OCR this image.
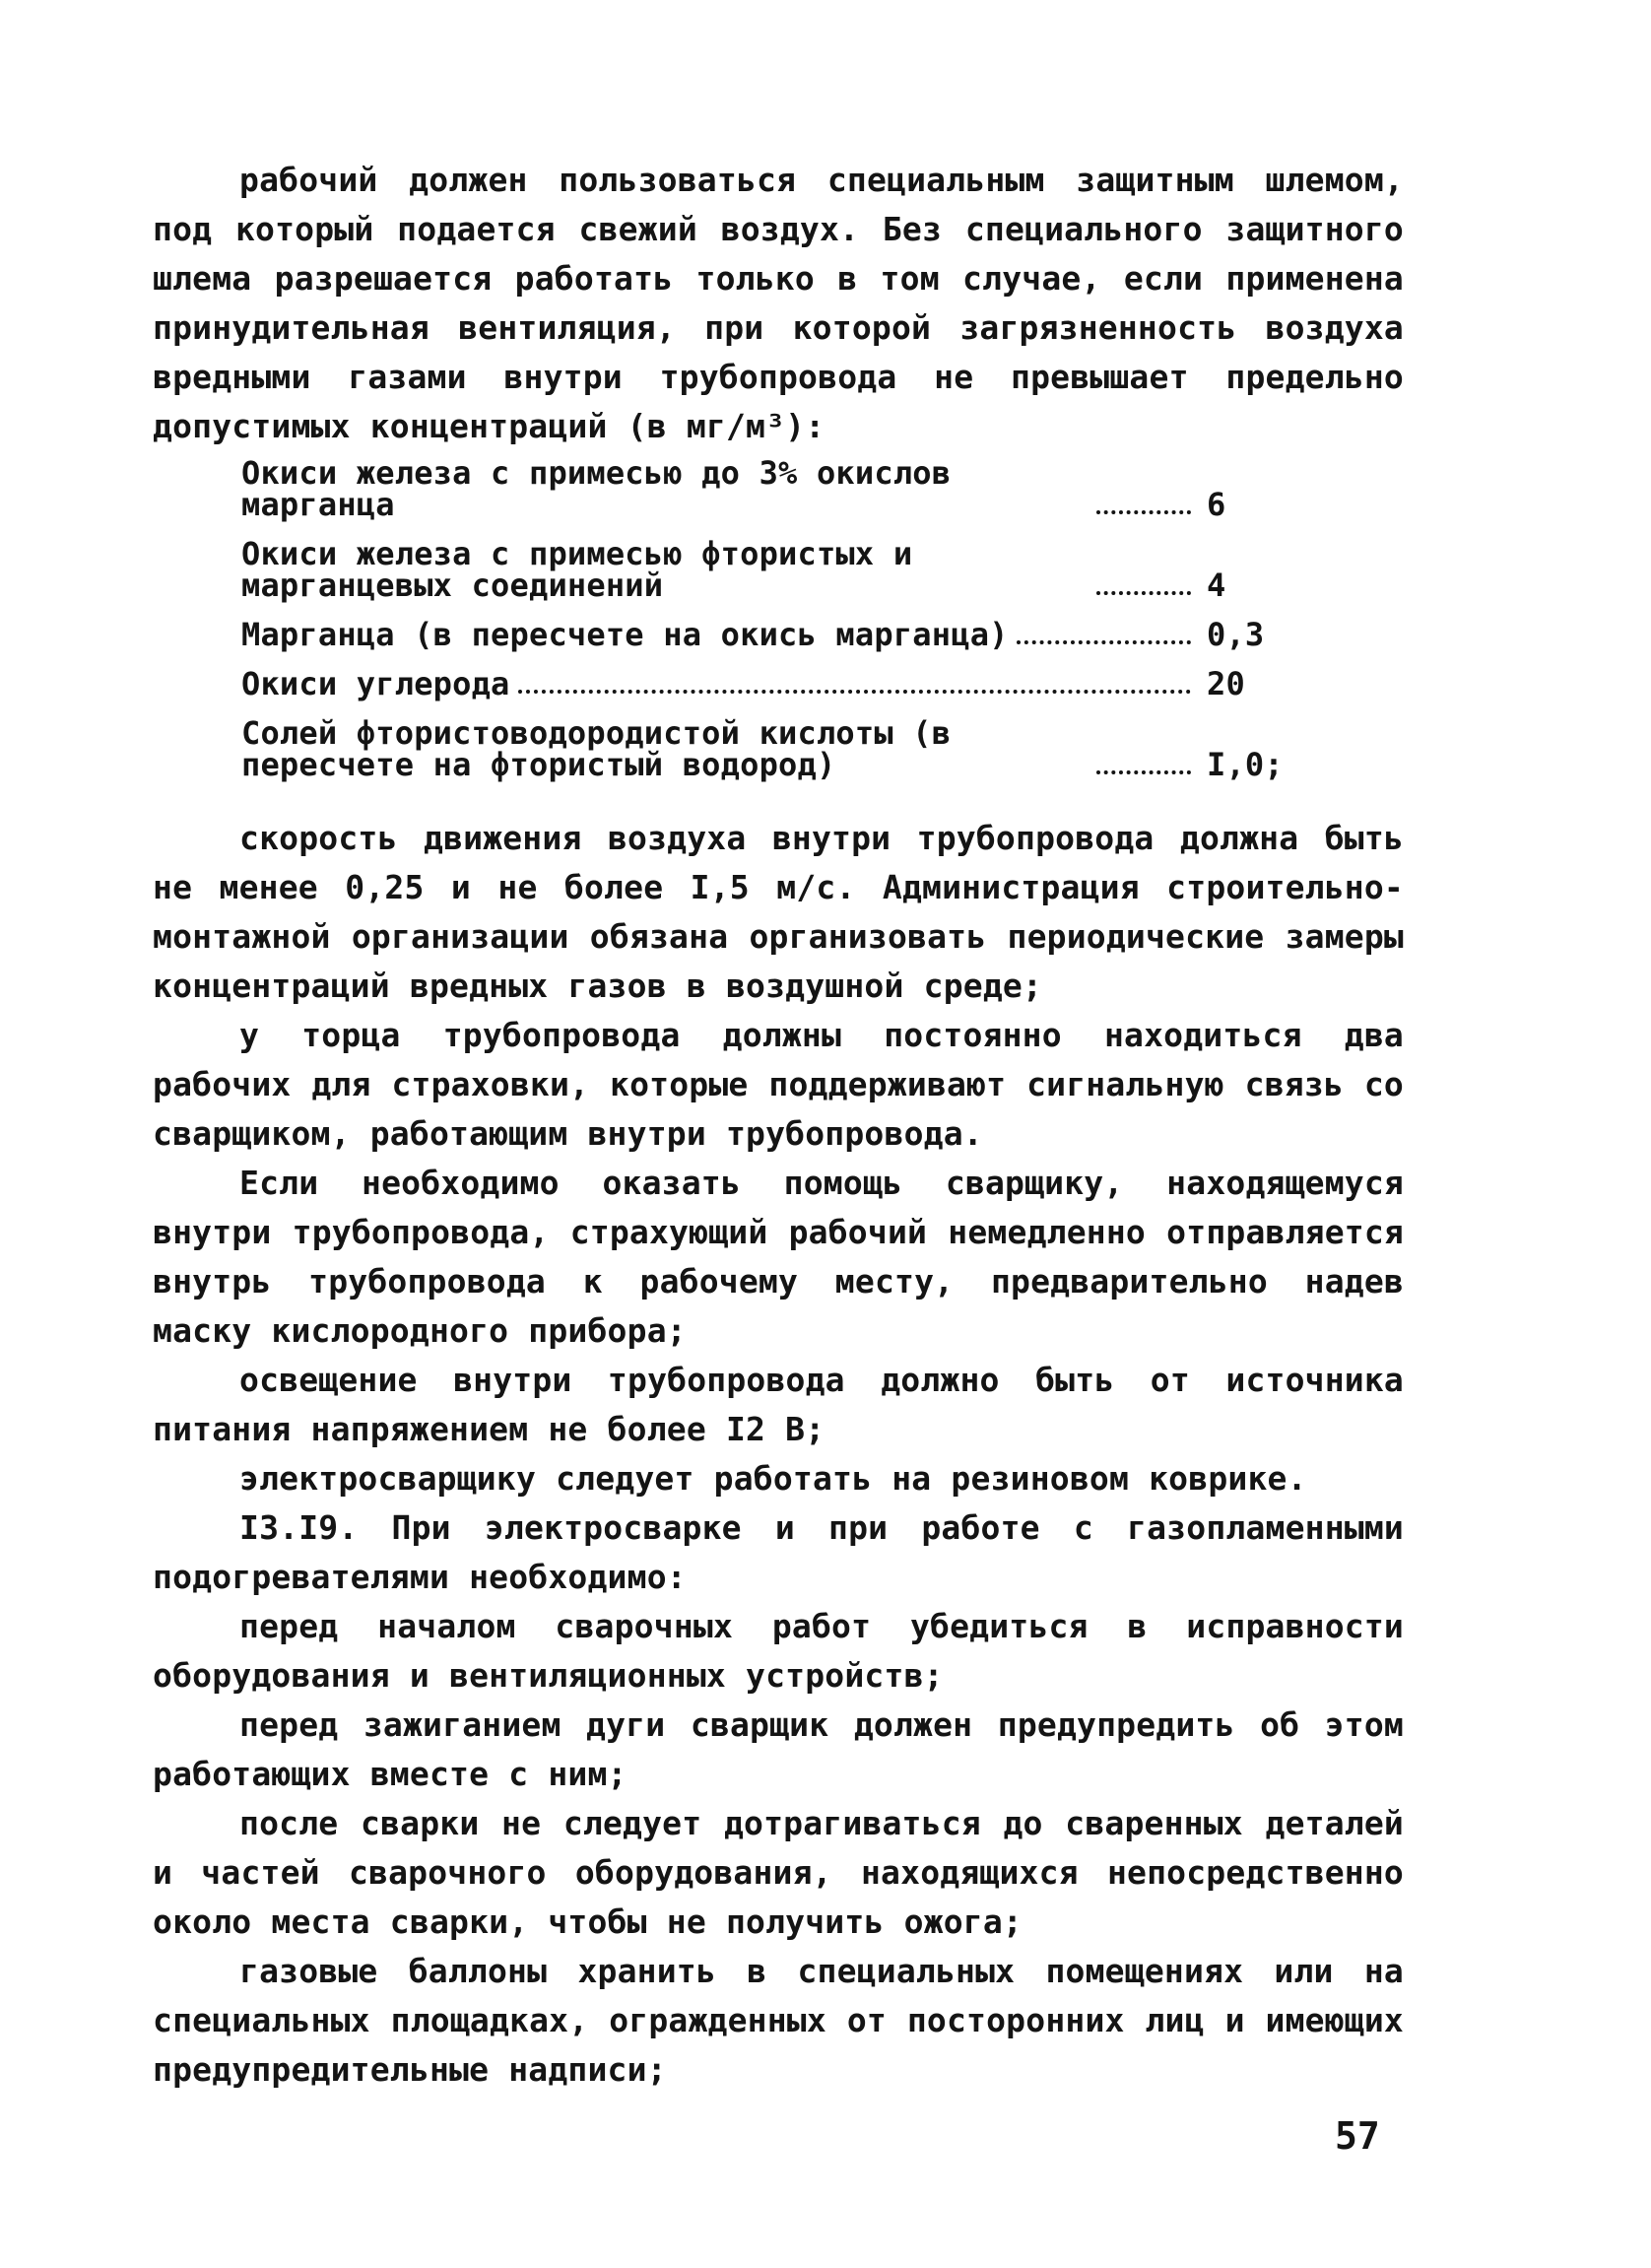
рабочий должен пользоваться специальным защитным шлемом, под который подается свежий воздух. Без специального защитного шлема разрешается работать только в том случае, если применена принудительная вентиляция, при которой загрязненность воздуха вредными газами внутри трубопровода не превышает предельно допустимых концентраций (в мг/м³):

Окиси железа с примесью до 3% окислов марганца	6
Окиси железа с примесью фтористых и марганцевых соединений	4
Марганца (в пересчете на окись марганца)	0,3
Окиси углерода	20
Солей фтористоводородистой кислоты (в пересчете на фтористый водород)	I,0;

скорость движения воздуха внутри трубопровода должна быть не менее 0,25 и не более I,5 м/с. Администрация строительно-монтажной организации обязана организовать периодические замеры концентраций вредных газов в воздушной среде;

у торца трубопровода должны постоянно находиться два рабочих для страховки, которые поддерживают сигнальную связь со сварщиком, работающим внутри трубопровода.

Если необходимо оказать помощь сварщику, находящемуся внутри трубопровода, страхующий рабочий немедленно отправляется внутрь трубопровода к рабочему месту, предварительно надев маску кислородного прибора;

освещение внутри трубопровода должно быть от источника питания напряжением не более I2 В;

электросварщику следует работать на резиновом коврике.

I3.I9. При электросварке и при работе с газопламенными подогревателями необходимо:

перед началом сварочных работ убедиться в исправности оборудования и вентиляционных устройств;

перед зажиганием дуги сварщик должен предупредить об этом работающих вместе с ним;

после сварки не следует дотрагиваться до сваренных деталей и частей сварочного оборудования, находящихся непосредственно около места сварки, чтобы не получить ожога;

газовые баллоны хранить в специальных помещениях или на специальных площадках, огражденных от посторонних лиц и имеющих предупредительные надписи;

57
